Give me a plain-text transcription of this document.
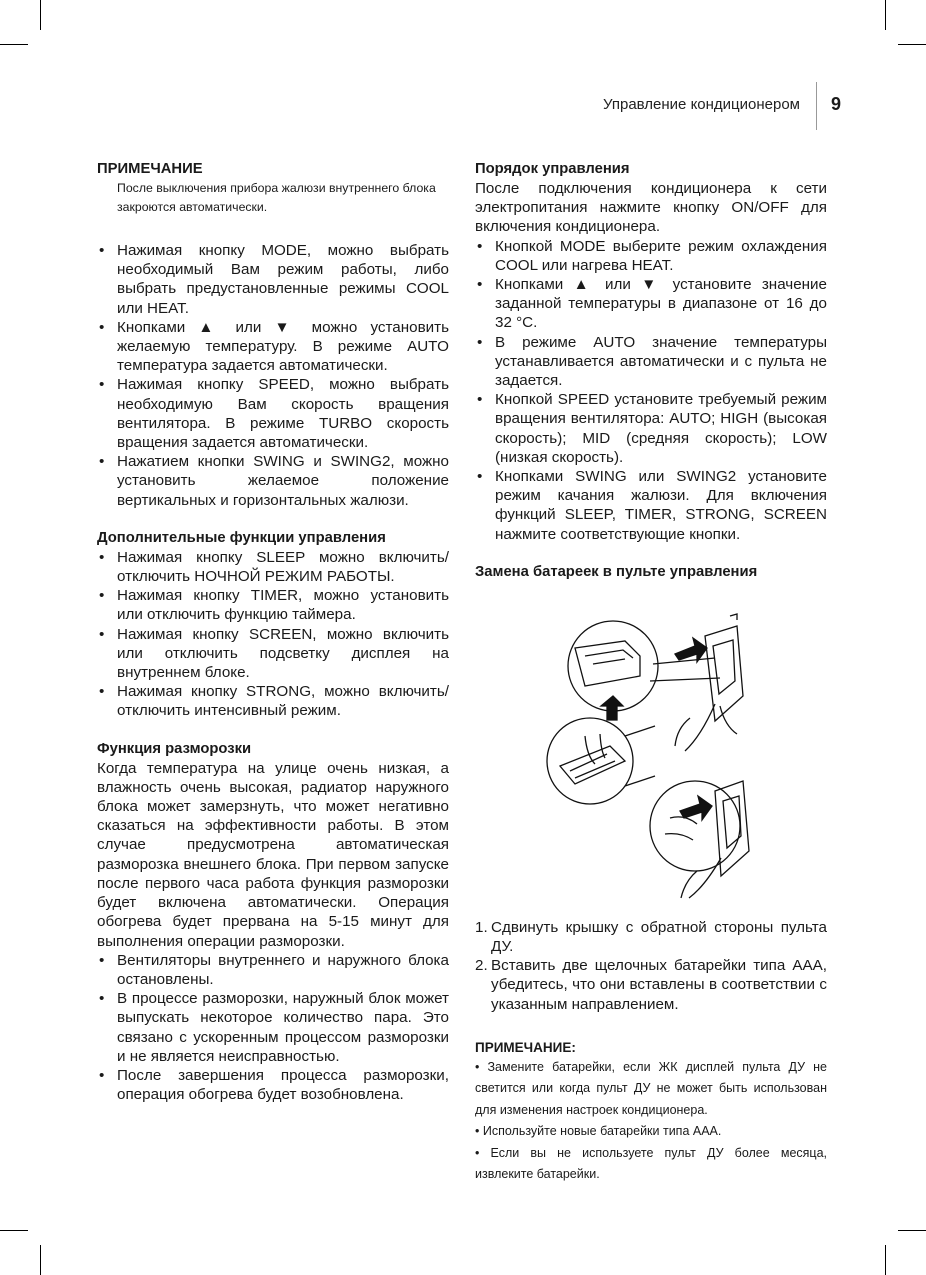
Управление кондиционером	9
ПРИМЕЧАНИЕ

После выключения прибора жалюзи внутреннего блока закроются автоматически.

• Нажимая кнопку MODE, можно выбрать необходимый Вам режим работы, либо выбрать предустановленные режимы COOL или HEAT.
• Кнопками ▲ или ▼ можно установить желаемую температуру. В режиме AUTO температура задается автоматически.
• Нажимая кнопку SPEED, можно выбрать необходимую Вам скорость вращения вентилятора. В режиме TURBO скорость вращения задается автоматически.
• Нажатием кнопки SWING и SWING2, можно установить желаемое положение вертикальных и горизонтальных жалюзи.
Дополнительные функции управления
• Нажимая кнопку SLEEP можно включить/отключить НОЧНОЙ РЕЖИМ РАБОТЫ.
• Нажимая кнопку TIMER, можно установить или отключить функцию таймера.
• Нажимая кнопку SCREEN, можно включить или отключить подсветку дисплея на внутреннем блоке.
• Нажимая кнопку STRONG, можно включить/отключить интенсивный режим.
Функция разморозки

Когда температура на улице очень низкая, а влажность очень высокая, радиатор наружного блока может замерзнуть, что может негативно сказаться на эффективности работы. В этом случае предусмотрена автоматическая разморозка внешнего блока. При первом запуске после первого часа работа функция разморозки будет включена автоматически. Операция обогрева будет прервана на 5-15 минут для выполнения операции разморозки.

• Вентиляторы внутреннего и наружного блока остановлены.
• В процессе разморозки, наружный блок может выпускать некоторое количество пара. Это связано с ускоренным процессом разморозки и не является неисправностью.
• После завершения процесса разморозки, операция обогрева будет возобновлена.
Порядок управления

После подключения кондиционера к сети электропитания нажмите кнопку ON/OFF для включения кондиционера.

• Кнопкой MODE выберите режим охлаждения COOL или нагрева HEAT.
• Кнопками ▲ или ▼ установите значение заданной температуры в диапазоне от 16 до 32 °C.
• В режиме AUTO значение температуры устанавливается автоматически и с пульта не задается.
• Кнопкой SPEED установите требуемый режим вращения вентилятора: AUTO; HIGH (высокая скорость); MID (средняя скорость); LOW (низкая скорость).
• Кнопками SWING или SWING2 установите режим качания жалюзи. Для включения функций SLEEP, TIMER, STRONG, SCREEN нажмите соответствующие кнопки.
Замена батареек в пульте управления
1. Сдвинуть крышку с обратной стороны пульта ДУ.
2. Вставить две щелочных батарейки типа AAA, убедитесь, что они вставлены в соответствии с указанным направлением.
ПРИМЕЧАНИЕ:
• Замените батарейки, если ЖК дисплей пульта ДУ не светится или когда пульт ДУ не может быть использован для изменения настроек кондиционера.
• Используйте новые батарейки типа AAA.
• Если вы не используете пульт ДУ более месяца, извлеките батарейки.
